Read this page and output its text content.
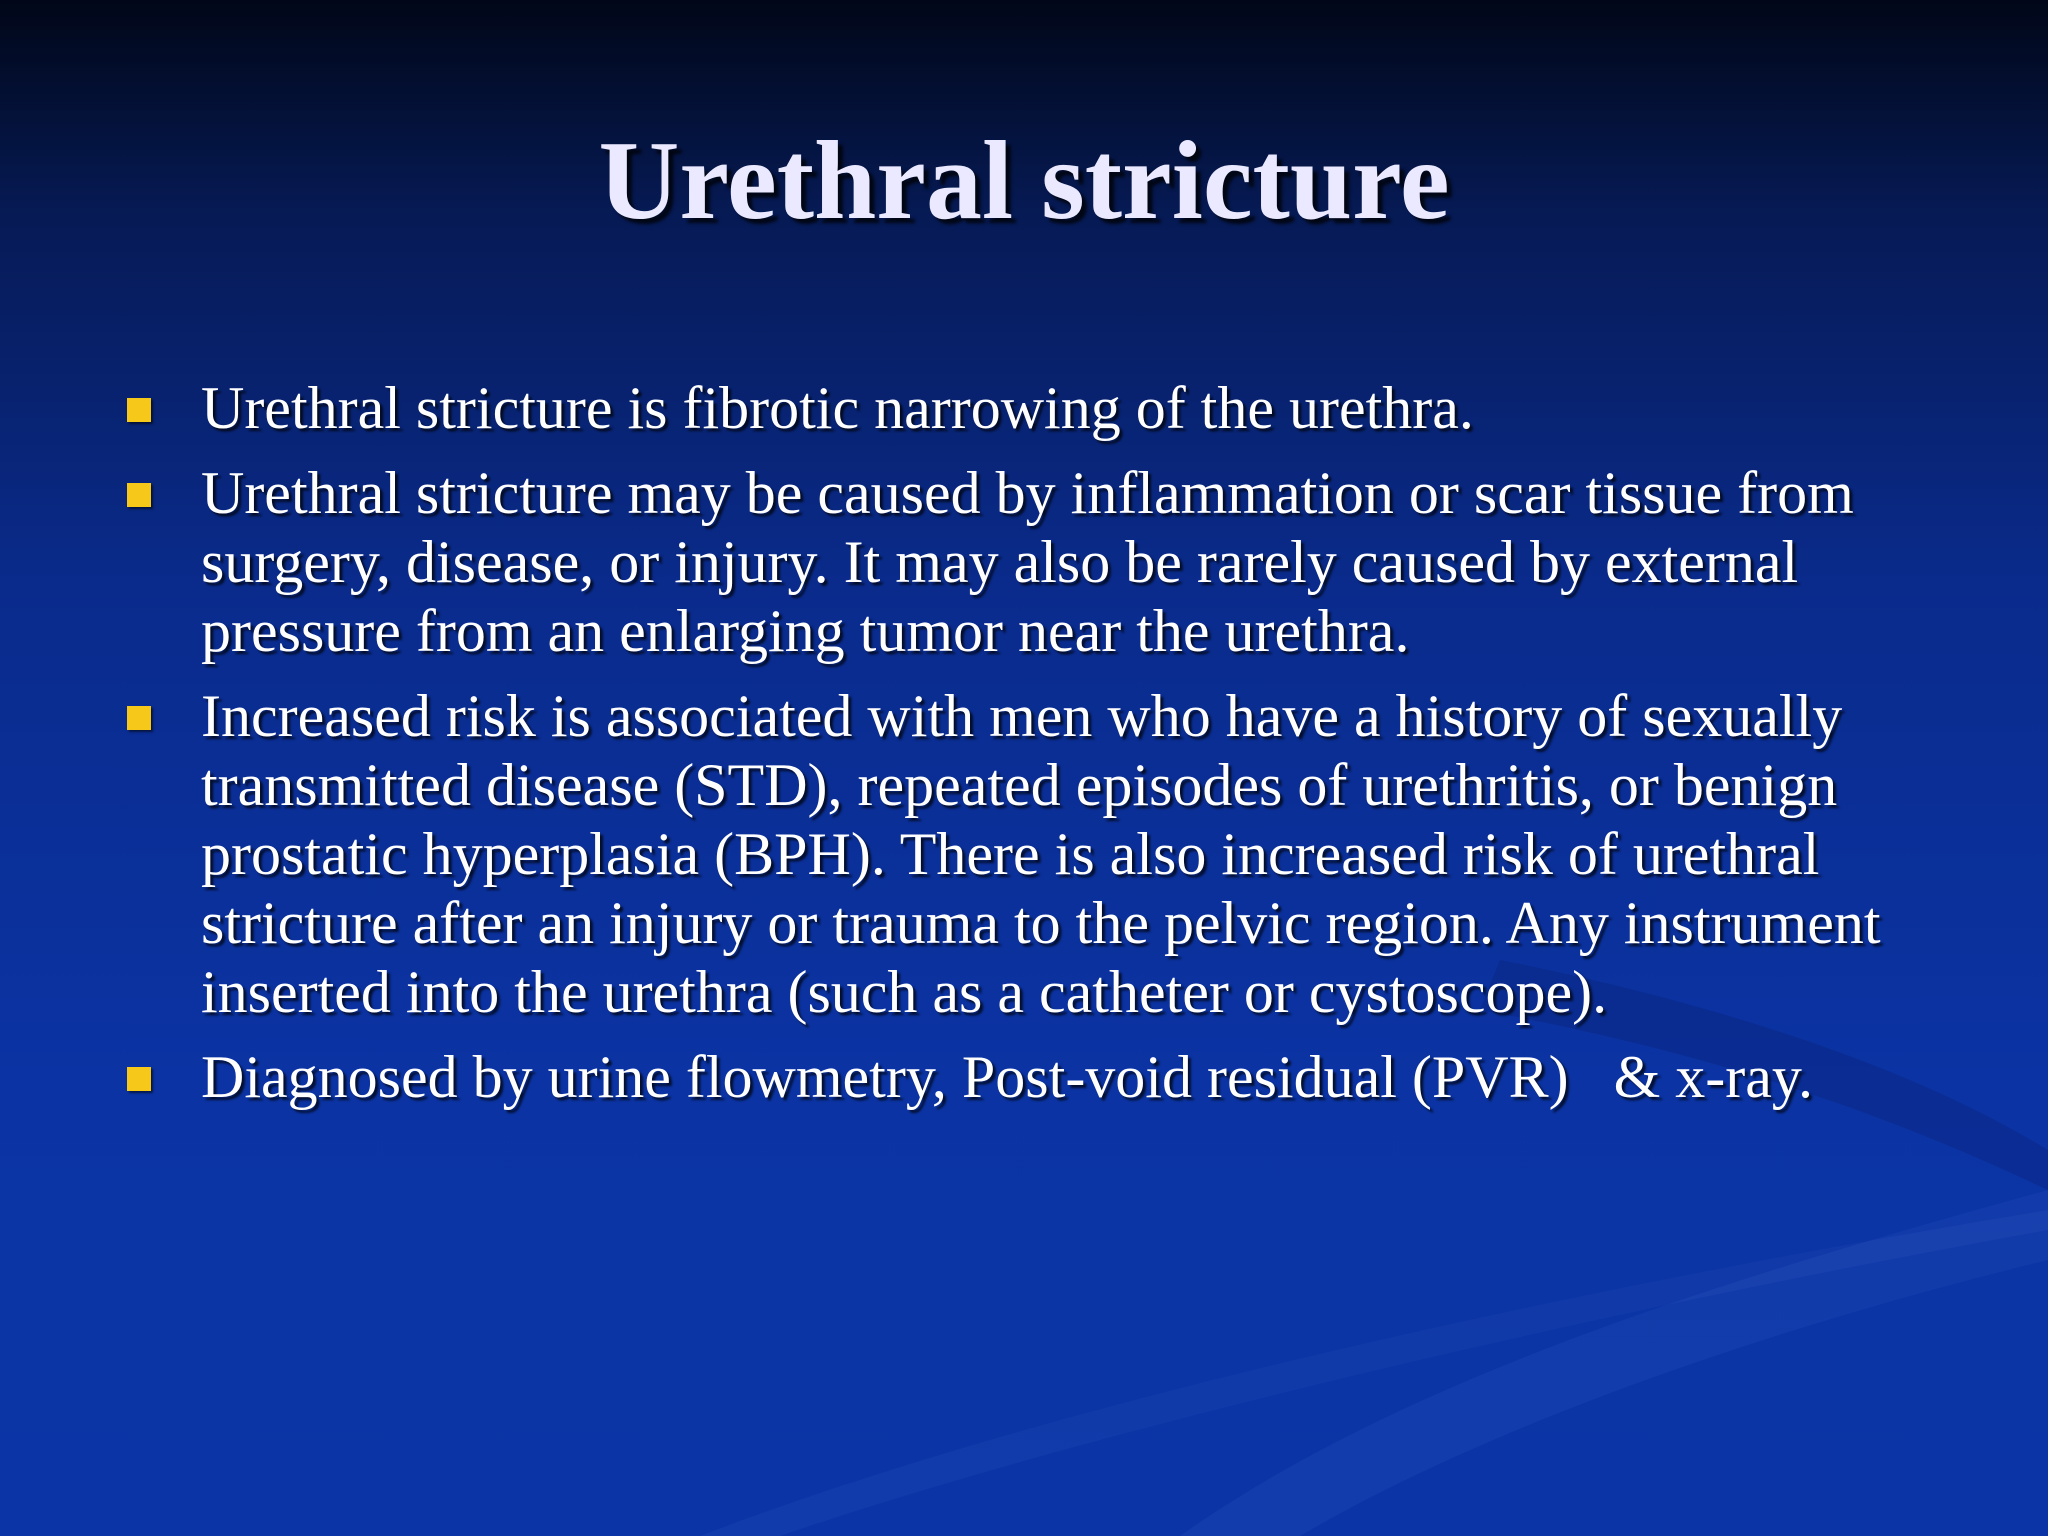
Urethral stricture
Urethral stricture is fibrotic narrowing of the urethra.
Urethral stricture may be caused by inflammation or scar tissue from surgery, disease, or injury. It may also be rarely caused by external pressure from an enlarging tumor near the urethra.
Increased risk is associated with men who have a history of sexually transmitted disease (STD), repeated episodes of urethritis, or benign prostatic hyperplasia (BPH). There is also increased risk of urethral stricture after an injury or trauma to the pelvic region. Any instrument inserted into the urethra (such as a catheter or cystoscope).
Diagnosed by urine flowmetry, Post-void residual (PVR)   & x-ray.
